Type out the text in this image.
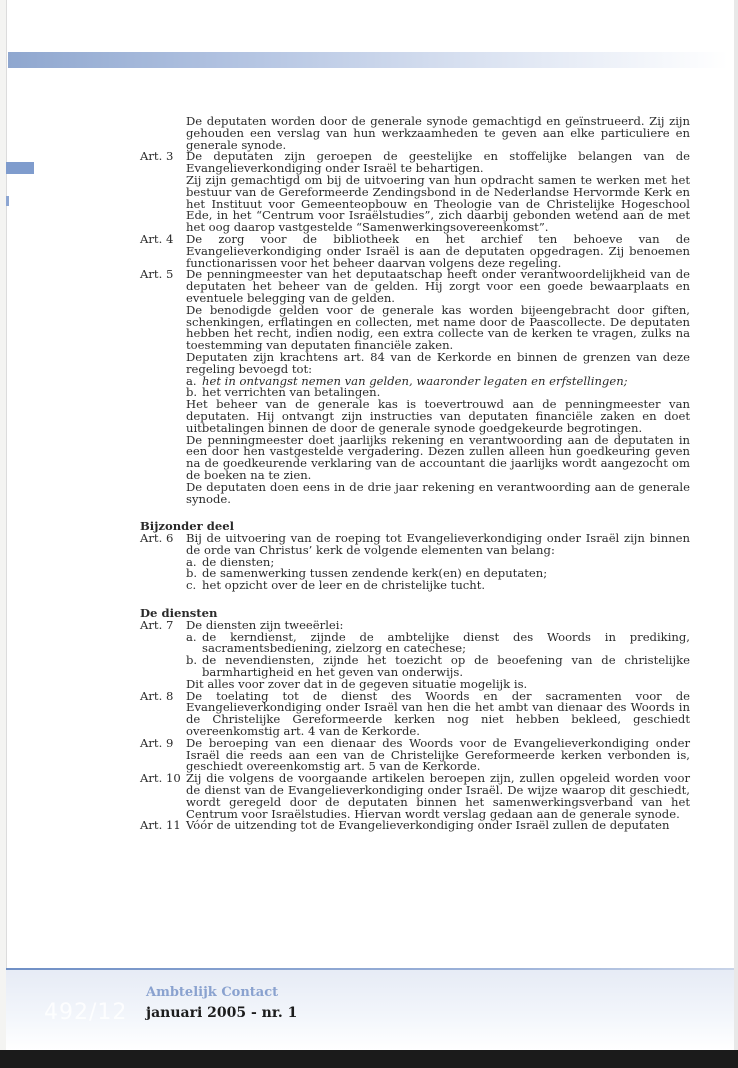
De deputaten worden door de generale synode gemachtigd en geïnstrueerd. Zij zijn gehouden een verslag van hun werkzaamheden te geven aan elke particuliere en generale synode.
Art. 3	De deputaten zijn geroepen de geestelijke en stoffelijke belangen van de Evangelieverkondiging onder Israël te behartigen.
Zij zijn gemachtigd om bij de uitvoering van hun opdracht samen te werken met het bestuur van de Gereformeerde Zendingsbond in de Nederlandse Hervormde Kerk en het Instituut voor Gemeenteopbouw en Theologie van de Christelijke Hogeschool Ede, in het “Centrum voor Israëlstudies”, zich daarbij gebonden wetend aan de met het oog daarop vastgestelde “Samenwerkingsovereenkomst”.
Art. 4	De zorg voor de bibliotheek en het archief ten behoeve van de Evangelieverkondiging onder Israël is aan de deputaten opgedragen. Zij benoemen functionarissen voor het beheer daarvan volgens deze regeling.
Art. 5	De penningmeester van het deputaatschap heeft onder verantwoordelijkheid van de deputaten het beheer van de gelden. Hij zorgt voor een goede bewaarplaats en eventuele belegging van de gelden.
De benodigde gelden voor de generale kas worden bijeengebracht door giften, schenkingen, erflatingen en collecten, met name door de Paascollecte. De deputaten hebben het recht, indien nodig, een extra collecte van de kerken te vragen, zulks na toestemming van deputaten financiële zaken.
Deputaten zijn krachtens art. 84 van de Kerkorde en binnen de grenzen van deze regeling bevoegd tot:
a. het in ontvangst nemen van gelden, waaronder legaten en erfstellingen;
b. het verrichten van betalingen.
Het beheer van de generale kas is toevertrouwd aan de penningmeester van deputaten. Hij ontvangt zijn instructies van deputaten financiële zaken en doet uitbetalingen binnen de door de generale synode goedgekeurde begrotingen.
De penningmeester doet jaarlijks rekening en verantwoording aan de deputaten in een door hen vastgestelde vergadering. Dezen zullen alleen hun goedkeuring geven na de goedkeurende verklaring van de accountant die jaarlijks wordt aangezocht om de boeken na te zien.
De deputaten doen eens in de drie jaar rekening en verantwoording aan de generale synode.
Bijzonder deel
Art. 6	Bij de uitvoering van de roeping tot Evangelieverkondiging onder Israël zijn binnen de orde van Christus’ kerk de volgende elementen van belang:
a. de diensten;
b. de samenwerking tussen zendende kerk(en) en deputaten;
c. het opzicht over de leer en de christelijke tucht.
De diensten
Art. 7	De diensten zijn tweeërlei:
a. de kerndienst, zijnde de ambtelijke dienst des Woords in prediking, sacramentsbediening, zielzorg en catechese;
b. de nevendiensten, zijnde het toezicht op de beoefening van de christelijke barmhartigheid en het geven van onderwijs.
Dit alles voor zover dat in de gegeven situatie mogelijk is.
Art. 8	De toelating tot de dienst des Woords en der sacramenten voor de Evangelieverkondiging onder Israël van hen die het ambt van dienaar des Woords in de Christelijke Gereformeerde kerken nog niet hebben bekleed, geschiedt overeenkomstig art. 4 van de Kerkorde.
Art. 9	De beroeping van een dienaar des Woords voor de Evangelieverkondiging onder Israël die reeds aan een van de Christelijke Gereformeerde kerken verbonden is, geschiedt overeenkomstig art. 5 van de Kerkorde.
Art. 10 Zij die volgens de voorgaande artikelen beroepen zijn, zullen opgeleid worden voor de dienst van de Evangelieverkondiging onder Israël. De wijze waarop dit geschiedt, wordt geregeld door de deputaten binnen het samenwerkingsverband van het Centrum voor Israëlstudies. Hiervan wordt verslag gedaan aan de generale synode.
Art. 11 Vóór de uitzending tot de Evangelieverkondiging onder Israël zullen de deputaten
492/12
Ambtelijk Contact
januari 2005 - nr. 1
